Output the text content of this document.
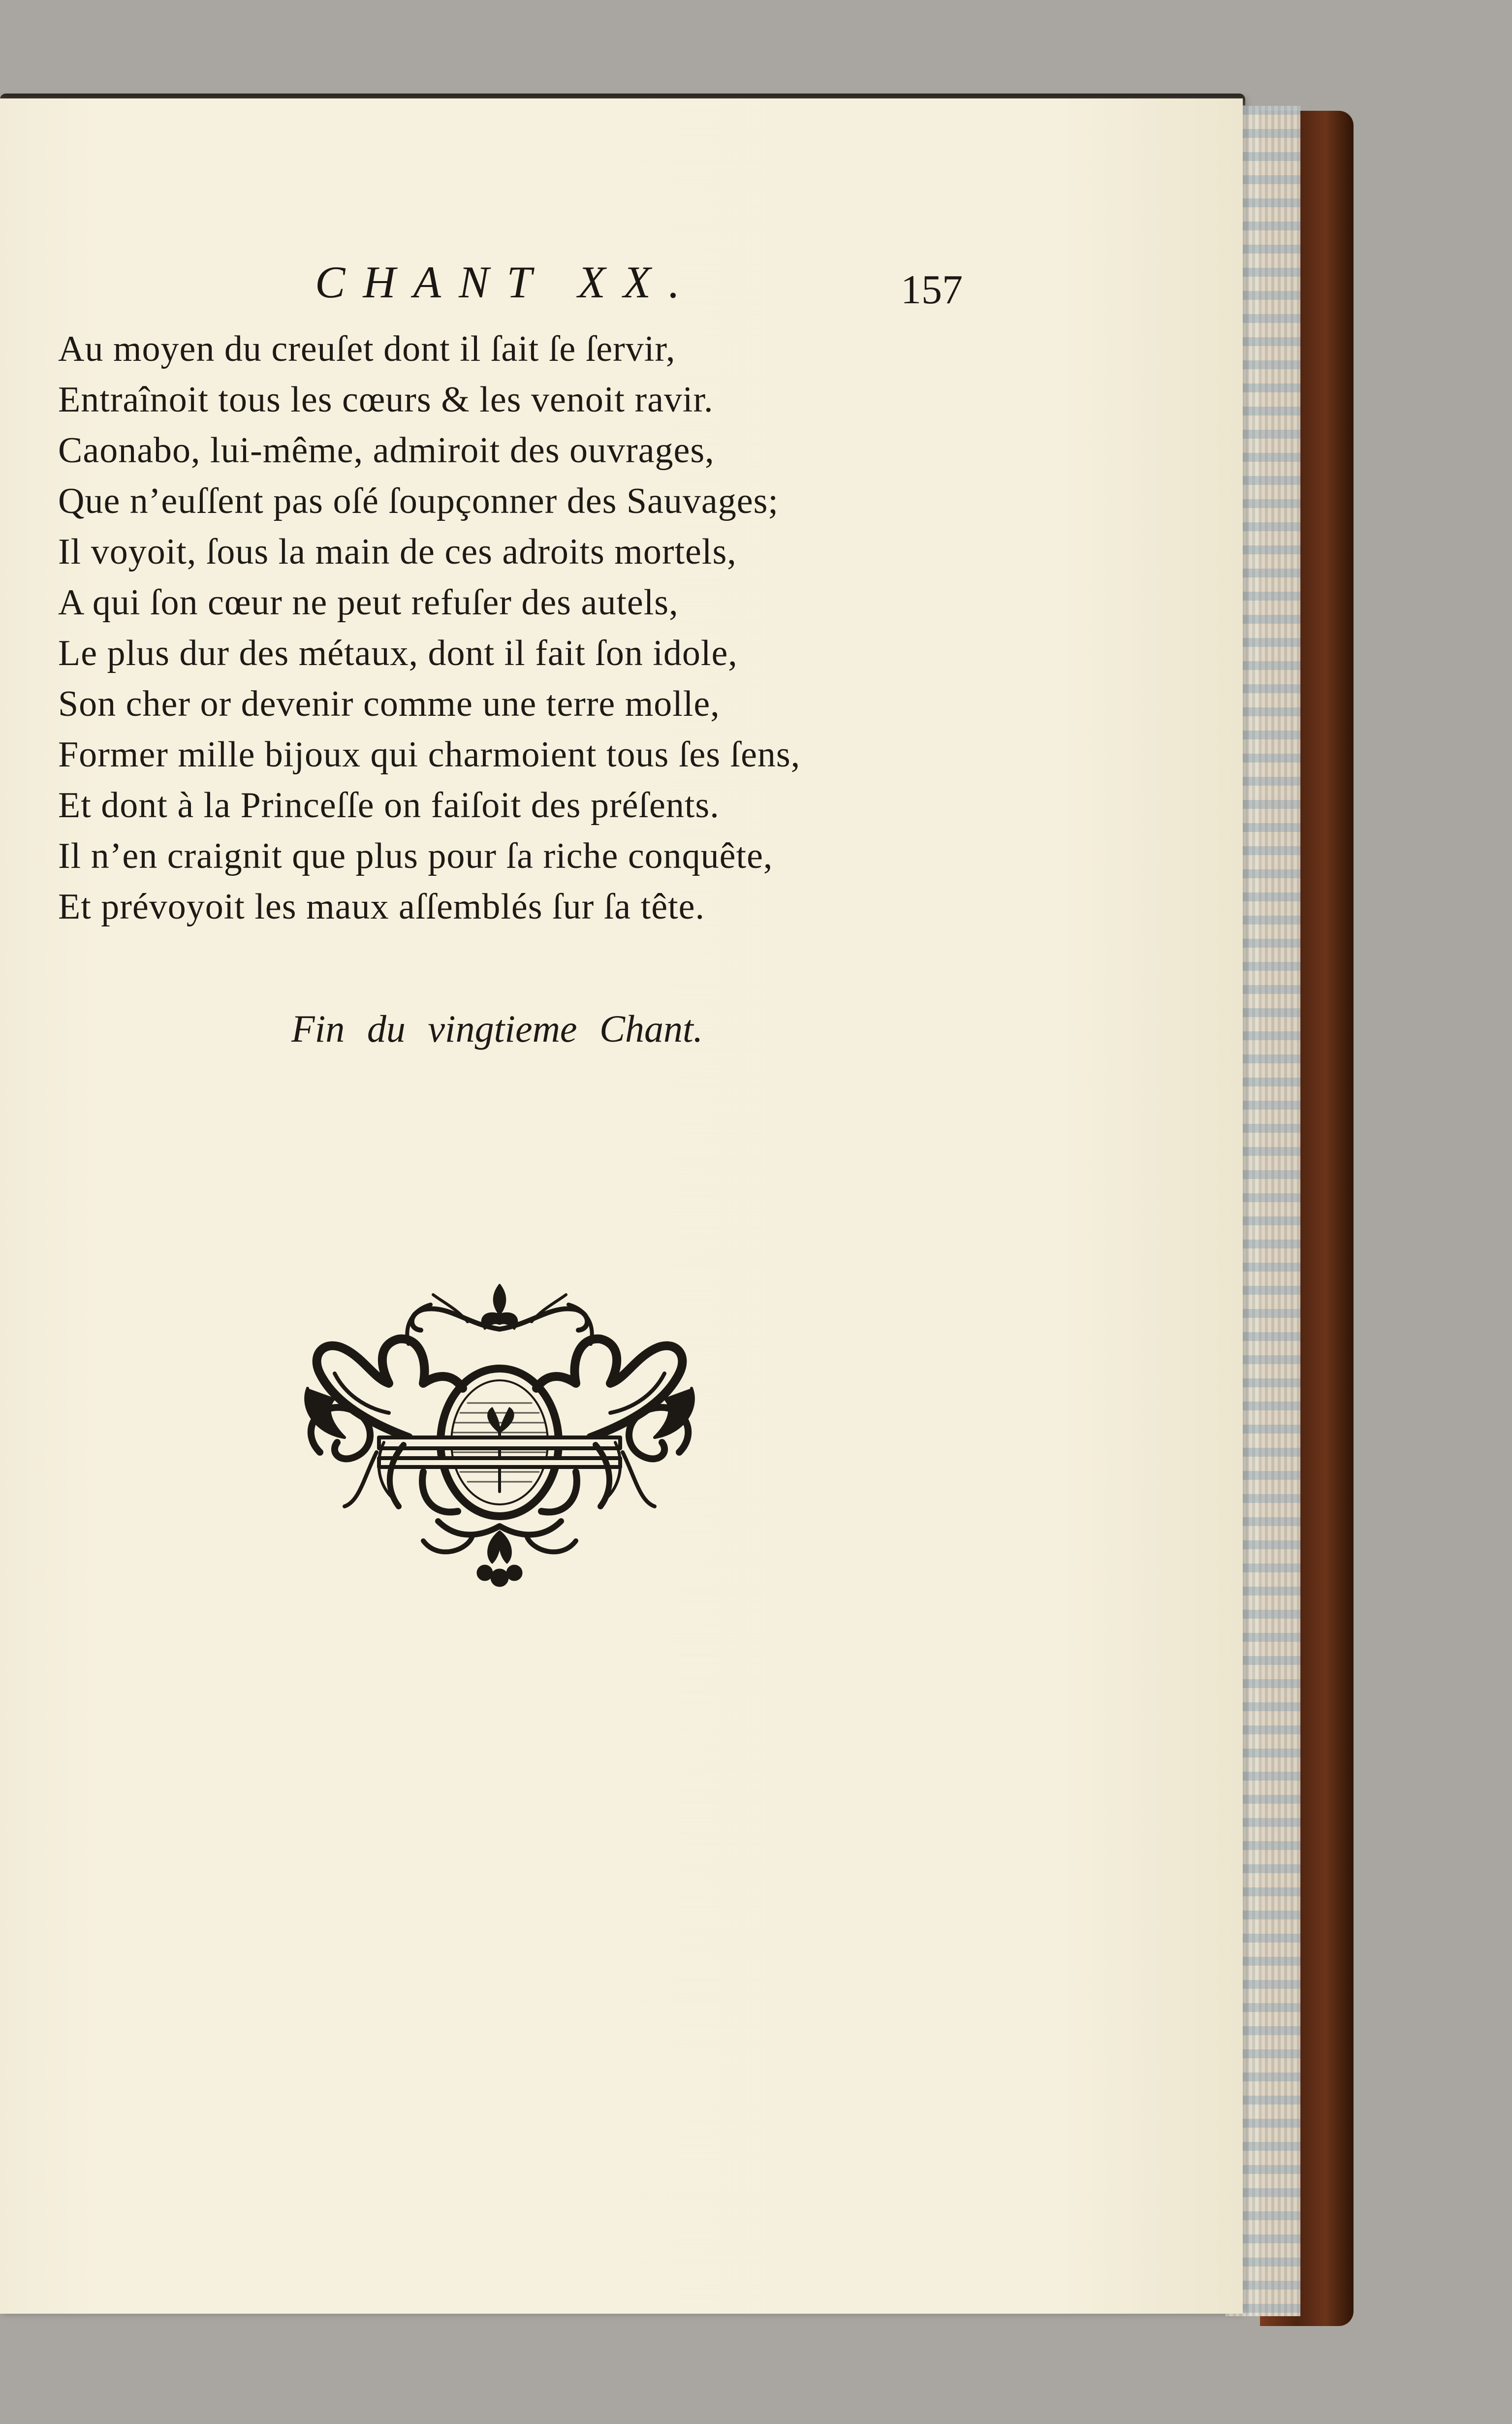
CHANT XX.	157
Au moyen du creuſet dont il ſait ſe ſervir,
Entraînoit tous les cœurs & les venoit ravir.
Caonabo, lui-même, admiroit des ouvrages,
Que n’euſſent pas oſé ſoupçonner des Sauvages;
Il voyoit, ſous la main de ces adroits mortels,
A qui ſon cœur ne peut refuſer des autels,
Le plus dur des métaux, dont il fait ſon idole,
Son cher or devenir comme une terre molle,
Former mille bijoux qui charmoient tous ſes ſens,
Et dont à la Princeſſe on faiſoit des préſents.
Il n’en craignit que plus pour ſa riche conquête,
Et prévoyoit les maux aſſemblés ſur ſa tête.
Fin du vingtieme Chant.
